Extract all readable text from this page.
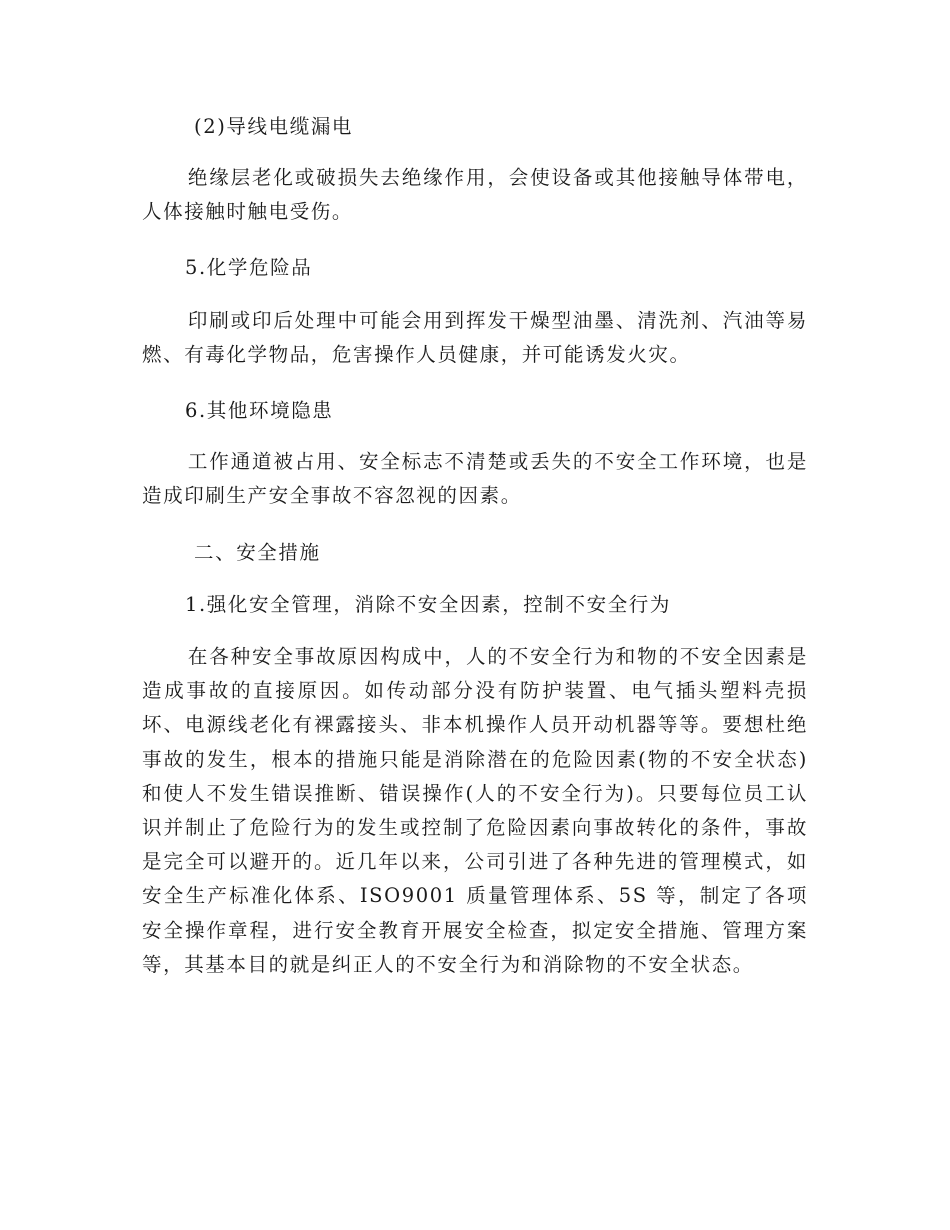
(2)导线电缆漏电

绝缘层老化或破损失去绝缘作用，会使设备或其他接触导体带电，人体接触时触电受伤。

5.化学危险品

印刷或印后处理中可能会用到挥发干燥型油墨、清洗剂、汽油等易燃、有毒化学物品，危害操作人员健康，并可能诱发火灾。

6.其他环境隐患

工作通道被占用、安全标志不清楚或丢失的不安全工作环境，也是造成印刷生产安全事故不容忽视的因素。

二、安全措施

1.强化安全管理，消除不安全因素，控制不安全行为

在各种安全事故原因构成中，人的不安全行为和物的不安全因素是造成事故的直接原因。如传动部分没有防护装置、电气插头塑料壳损坏、电源线老化有裸露接头、非本机操作人员开动机器等等。要想杜绝事故的发生，根本的措施只能是消除潜在的危险因素(物的不安全状态)和使人不发生错误推断、错误操作(人的不安全行为)。只要每位员工认识并制止了危险行为的发生或控制了危险因素向事故转化的条件，事故是完全可以避开的。近几年以来，公司引进了各种先进的管理模式，如安全生产标准化体系、ISO9001 质量管理体系、5S 等，制定了各项安全操作章程，进行安全教育开展安全检查，拟定安全措施、管理方案等，其基本目的就是纠正人的不安全行为和消除物的不安全状态。
